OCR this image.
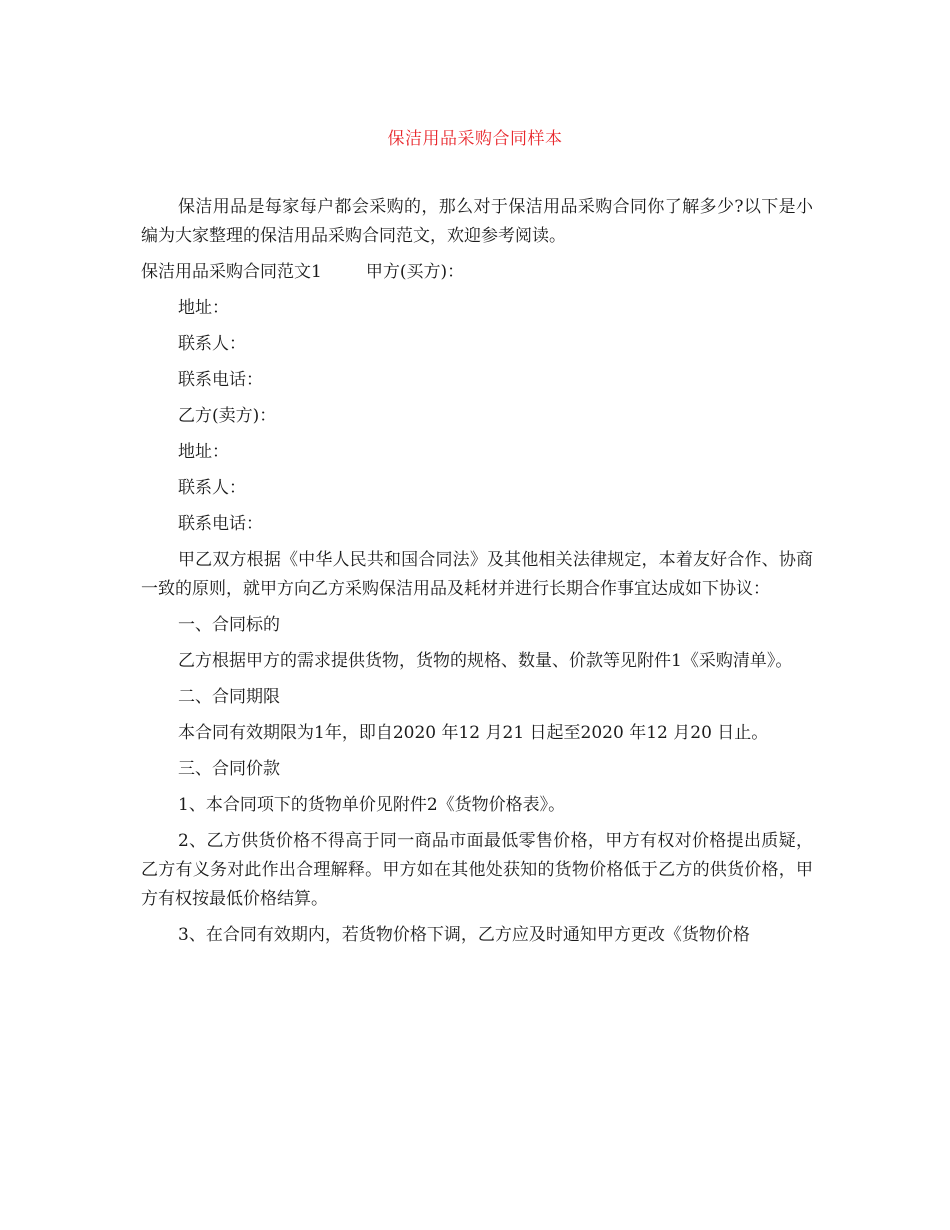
保洁用品采购合同样本

保洁用品是每家每户都会采购的，那么对于保洁用品采购合同你了解多少?以下是小编为大家整理的保洁用品采购合同范文，欢迎参考阅读。

保洁用品采购合同范文1	甲方(买方)：

地址：

联系人：

联系电话：

乙方(卖方)：

地址：

联系人：

联系电话：

甲乙双方根据《中华人民共和国合同法》及其他相关法律规定，本着友好合作、协商一致的原则，就甲方向乙方采购保洁用品及耗材并进行长期合作事宜达成如下协议：

一、合同标的

乙方根据甲方的需求提供货物，货物的规格、数量、价款等见附件1《采购清单》。

二、合同期限

本合同有效期限为1年，即自2020 年12 月21 日起至2020 年12 月20 日止。

三、合同价款

1、本合同项下的货物单价见附件2《货物价格表》。

2、乙方供货价格不得高于同一商品市面最低零售价格，甲方有权对价格提出质疑，乙方有义务对此作出合理解释。甲方如在其他处获知的货物价格低于乙方的供货价格，甲方有权按最低价格结算。

3、在合同有效期内，若货物价格下调，乙方应及时通知甲方更改《货物价格
